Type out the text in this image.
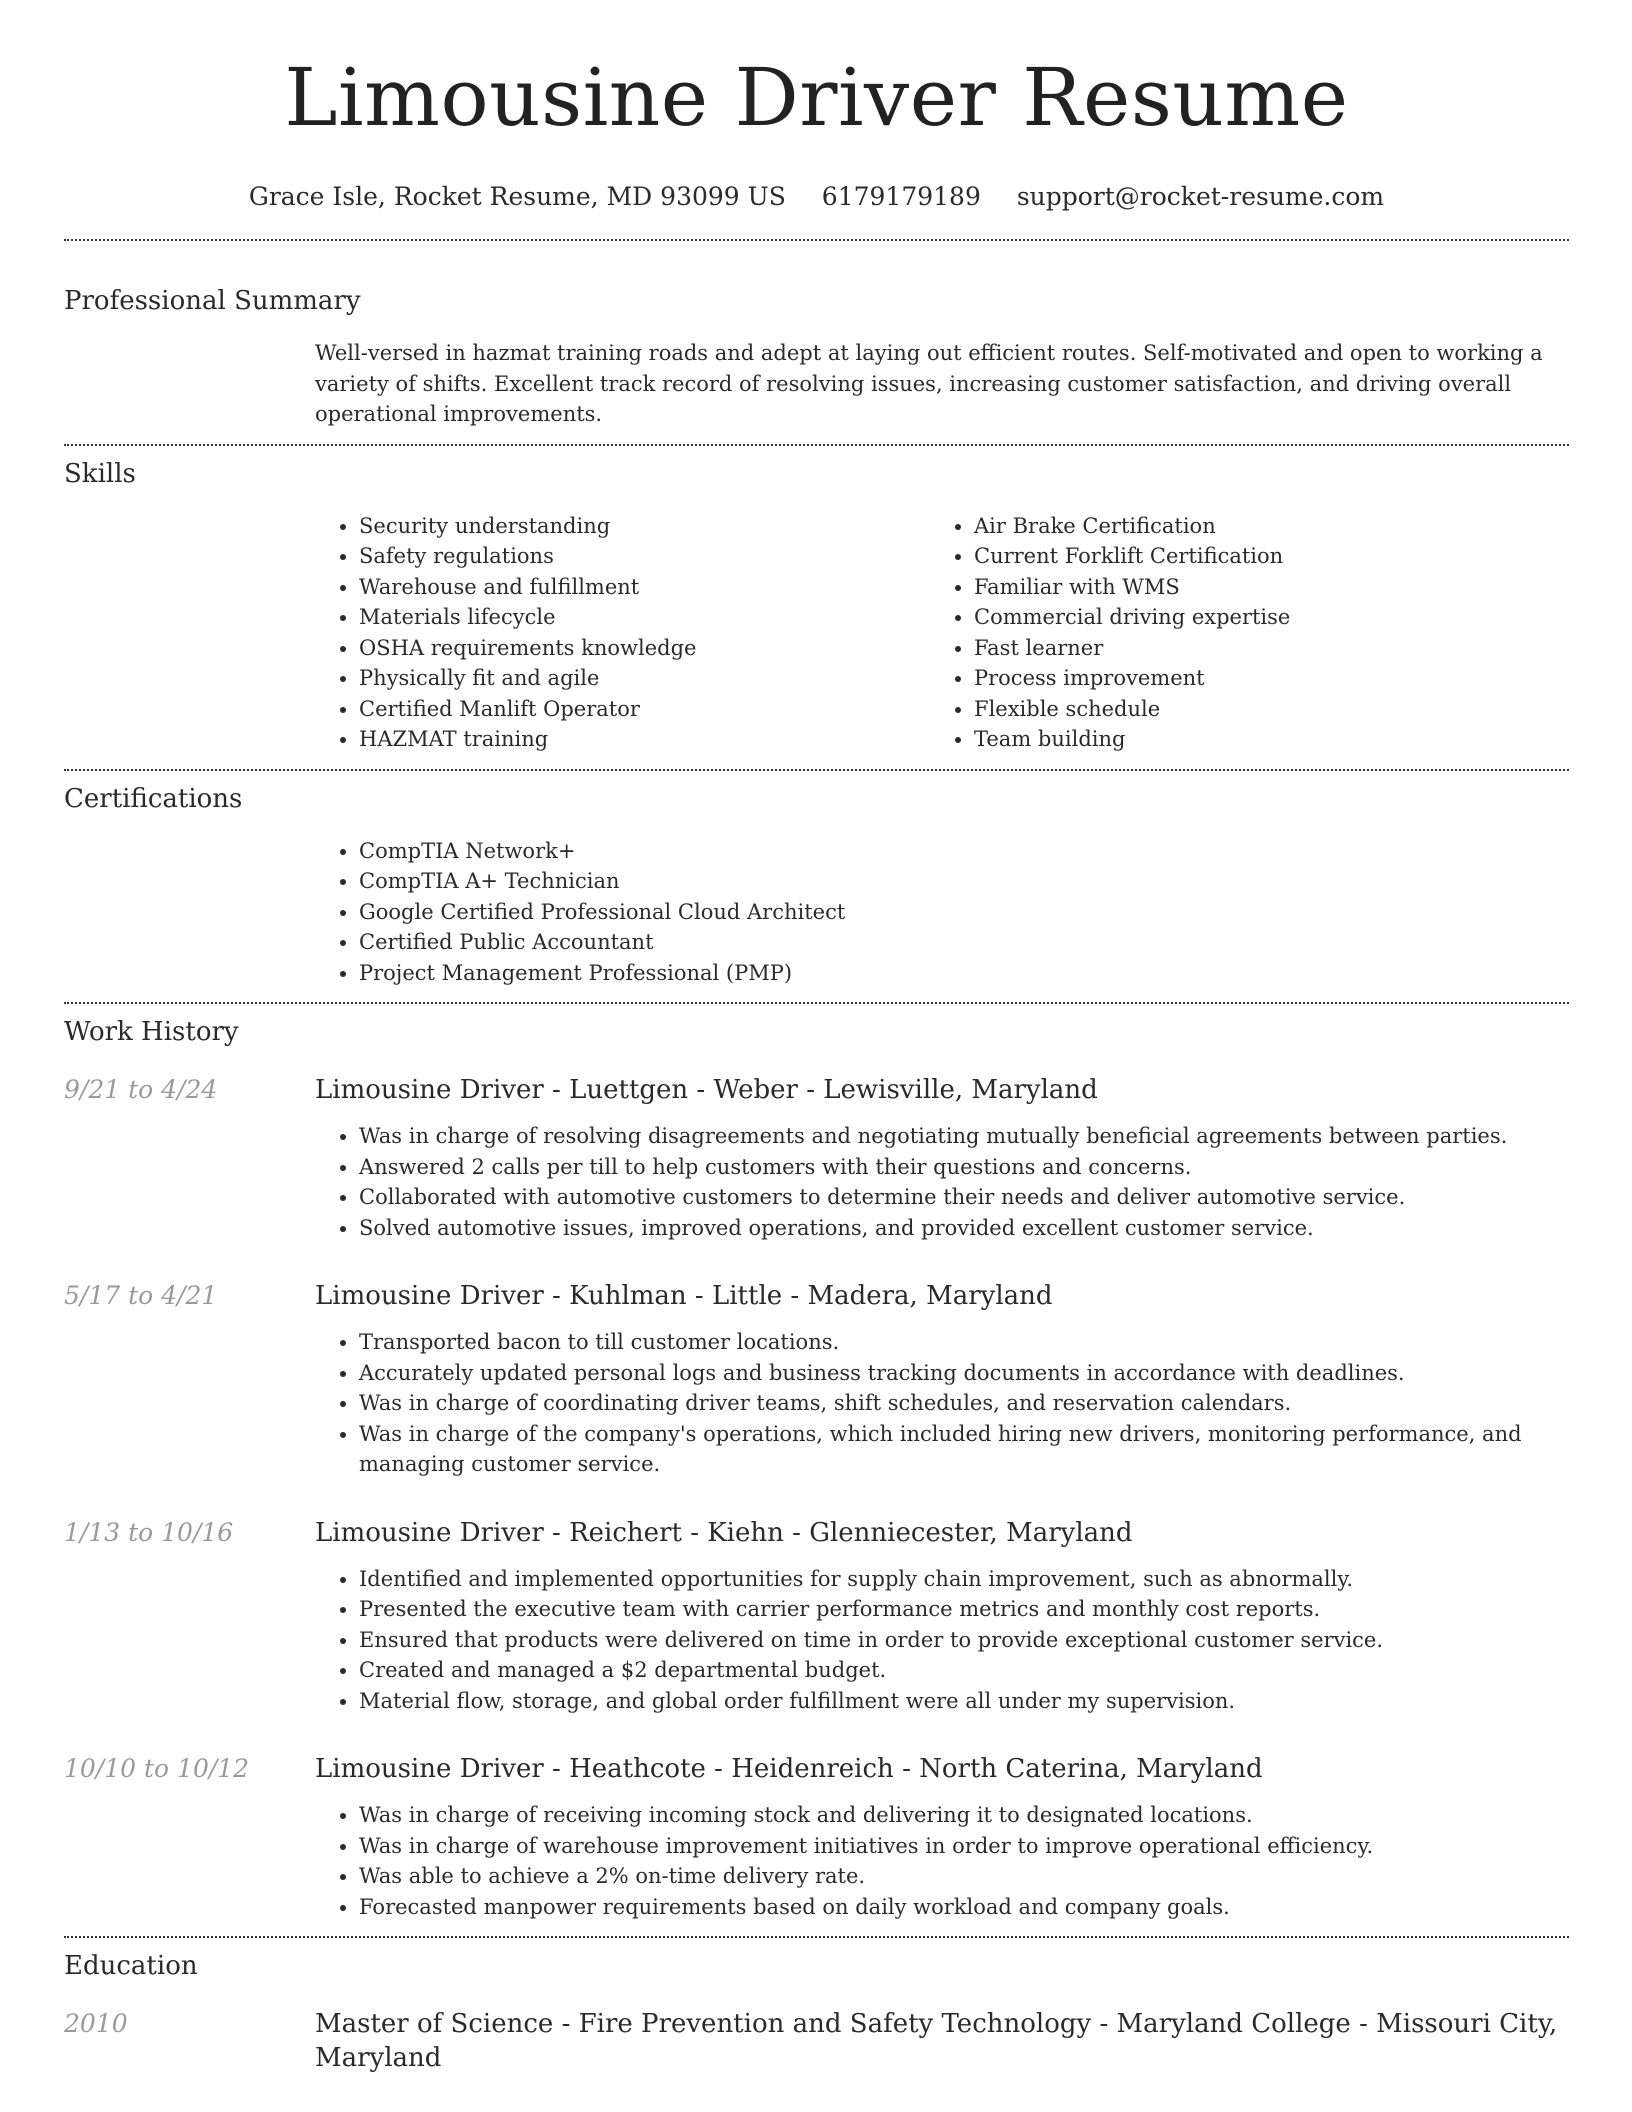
Limousine Driver Resume
Grace Isle, Rocket Resume, MD 93099 US 6179179189 support@rocket-resume.com
Professional Summary
Well-versed in hazmat training roads and adept at laying out efficient routes. Self-motivated and open to working a variety of shifts. Excellent track record of resolving issues, increasing customer satisfaction, and driving overall operational improvements.
Skills
• Security understanding
• Safety regulations
• Warehouse and fulfillment
• Materials lifecycle
• OSHA requirements knowledge
• Physically fit and agile
• Certified Manlift Operator
• HAZMAT training
• Air Brake Certification
• Current Forklift Certification
• Familiar with WMS
• Commercial driving expertise
• Fast learner
• Process improvement
• Flexible schedule
• Team building
Certifications
• CompTIA Network+
• CompTIA A+ Technician
• Google Certified Professional Cloud Architect
• Certified Public Accountant
• Project Management Professional (PMP)
Work History
9/21 to 4/24	Limousine Driver - Luettgen - Weber - Lewisville, Maryland
• Was in charge of resolving disagreements and negotiating mutually beneficial agreements between parties.
• Answered 2 calls per till to help customers with their questions and concerns.
• Collaborated with automotive customers to determine their needs and deliver automotive service.
• Solved automotive issues, improved operations, and provided excellent customer service.
5/17 to 4/21	Limousine Driver - Kuhlman - Little - Madera, Maryland
• Transported bacon to till customer locations.
• Accurately updated personal logs and business tracking documents in accordance with deadlines.
• Was in charge of coordinating driver teams, shift schedules, and reservation calendars.
• Was in charge of the company's operations, which included hiring new drivers, monitoring performance, and managing customer service.
1/13 to 10/16	Limousine Driver - Reichert - Kiehn - Glenniecester, Maryland
• Identified and implemented opportunities for supply chain improvement, such as abnormally.
• Presented the executive team with carrier performance metrics and monthly cost reports.
• Ensured that products were delivered on time in order to provide exceptional customer service.
• Created and managed a $2 departmental budget.
• Material flow, storage, and global order fulfillment were all under my supervision.
10/10 to 10/12	Limousine Driver - Heathcote - Heidenreich - North Caterina, Maryland
• Was in charge of receiving incoming stock and delivering it to designated locations.
• Was in charge of warehouse improvement initiatives in order to improve operational efficiency.
• Was able to achieve a 2% on-time delivery rate.
• Forecasted manpower requirements based on daily workload and company goals.
Education
2010	Master of Science - Fire Prevention and Safety Technology - Maryland College - Missouri City, Maryland
